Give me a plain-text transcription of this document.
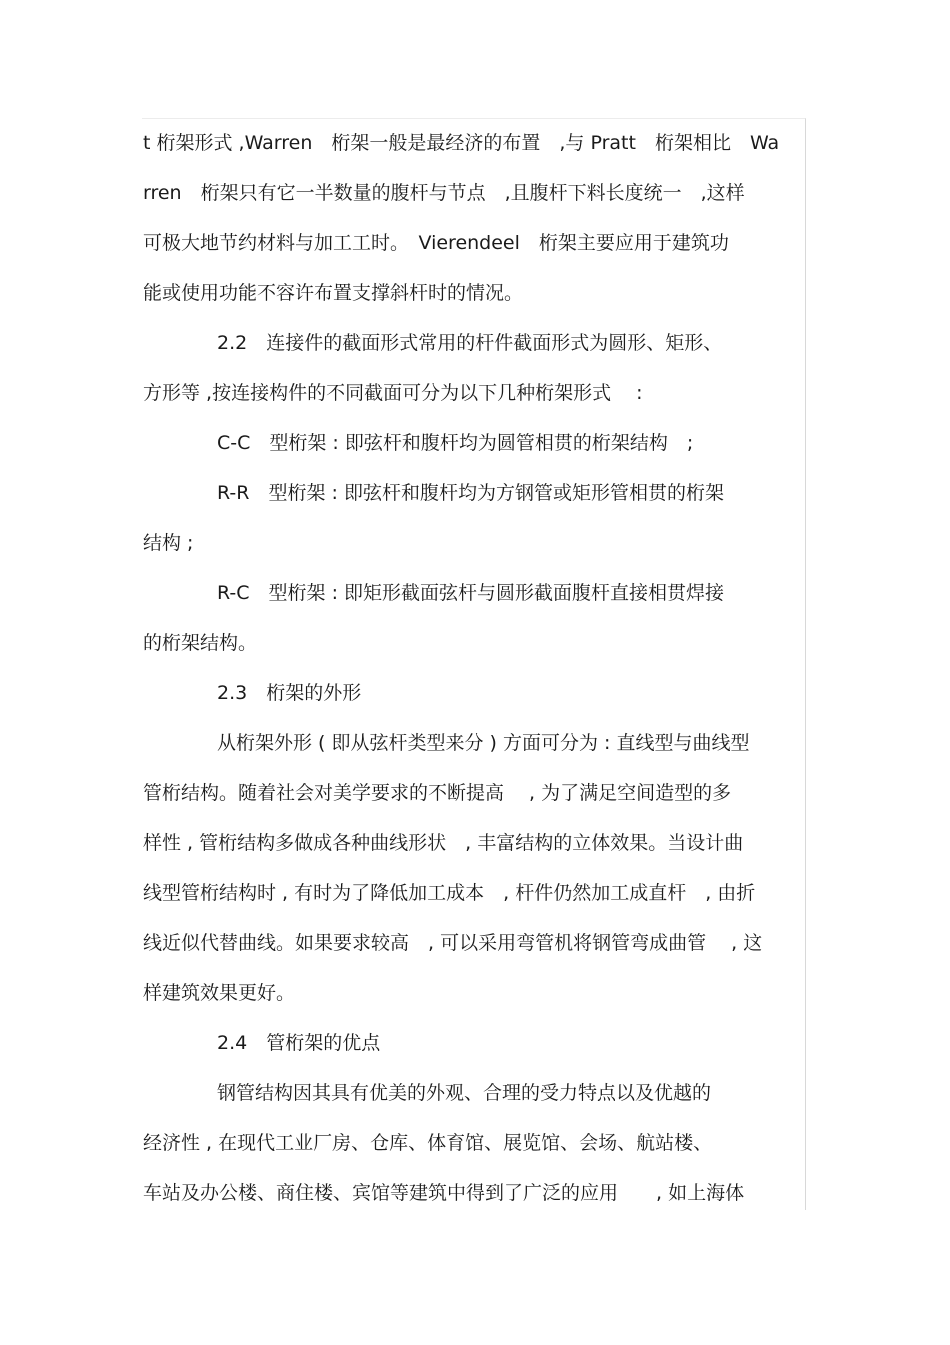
t 桁架形式 ,Warren　桁架一般是最经济的布置　,与 Pratt　桁架相比　Wa
rren　桁架只有它一半数量的腹杆与节点　,且腹杆下料长度统一　,这样
可极大地节约材料与加工工时。　Vierendeel　桁架主要应用于建筑功
能或使用功能不容许布置支撑斜杆时的情况。
2.2　连接件的截面形式常用的杆件截面形式为圆形、矩形、
方形等 ,按连接构件的不同截面可分为以下几种桁架形式　 :
C-C　型桁架 : 即弦杆和腹杆均为圆管相贯的桁架结构　;
R-R　型桁架 : 即弦杆和腹杆均为方钢管或矩形管相贯的桁架
结构 ;
R-C　型桁架 : 即矩形截面弦杆与圆形截面腹杆直接相贯焊接
的桁架结构。
2.3　桁架的外形
从桁架外形 ( 即从弦杆类型来分 ) 方面可分为 : 直线型与曲线型
管桁结构。随着社会对美学要求的不断提高　 , 为了满足空间造型的多
样性 , 管桁结构多做成各种曲线形状　, 丰富结构的立体效果。当设计曲
线型管桁结构时 , 有时为了降低加工成本　, 杆件仍然加工成直杆　, 由折
线近似代替曲线。如果要求较高　, 可以采用弯管机将钢管弯成曲管　 , 这
样建筑效果更好。
2.4　管桁架的优点
钢管结构因其具有优美的外观、合理的受力特点以及优越的
经济性 , 在现代工业厂房、仓库、体育馆、展览馆、会场、航站楼、
车站及办公楼、商住楼、宾馆等建筑中得到了广泛的应用　　, 如上海体
